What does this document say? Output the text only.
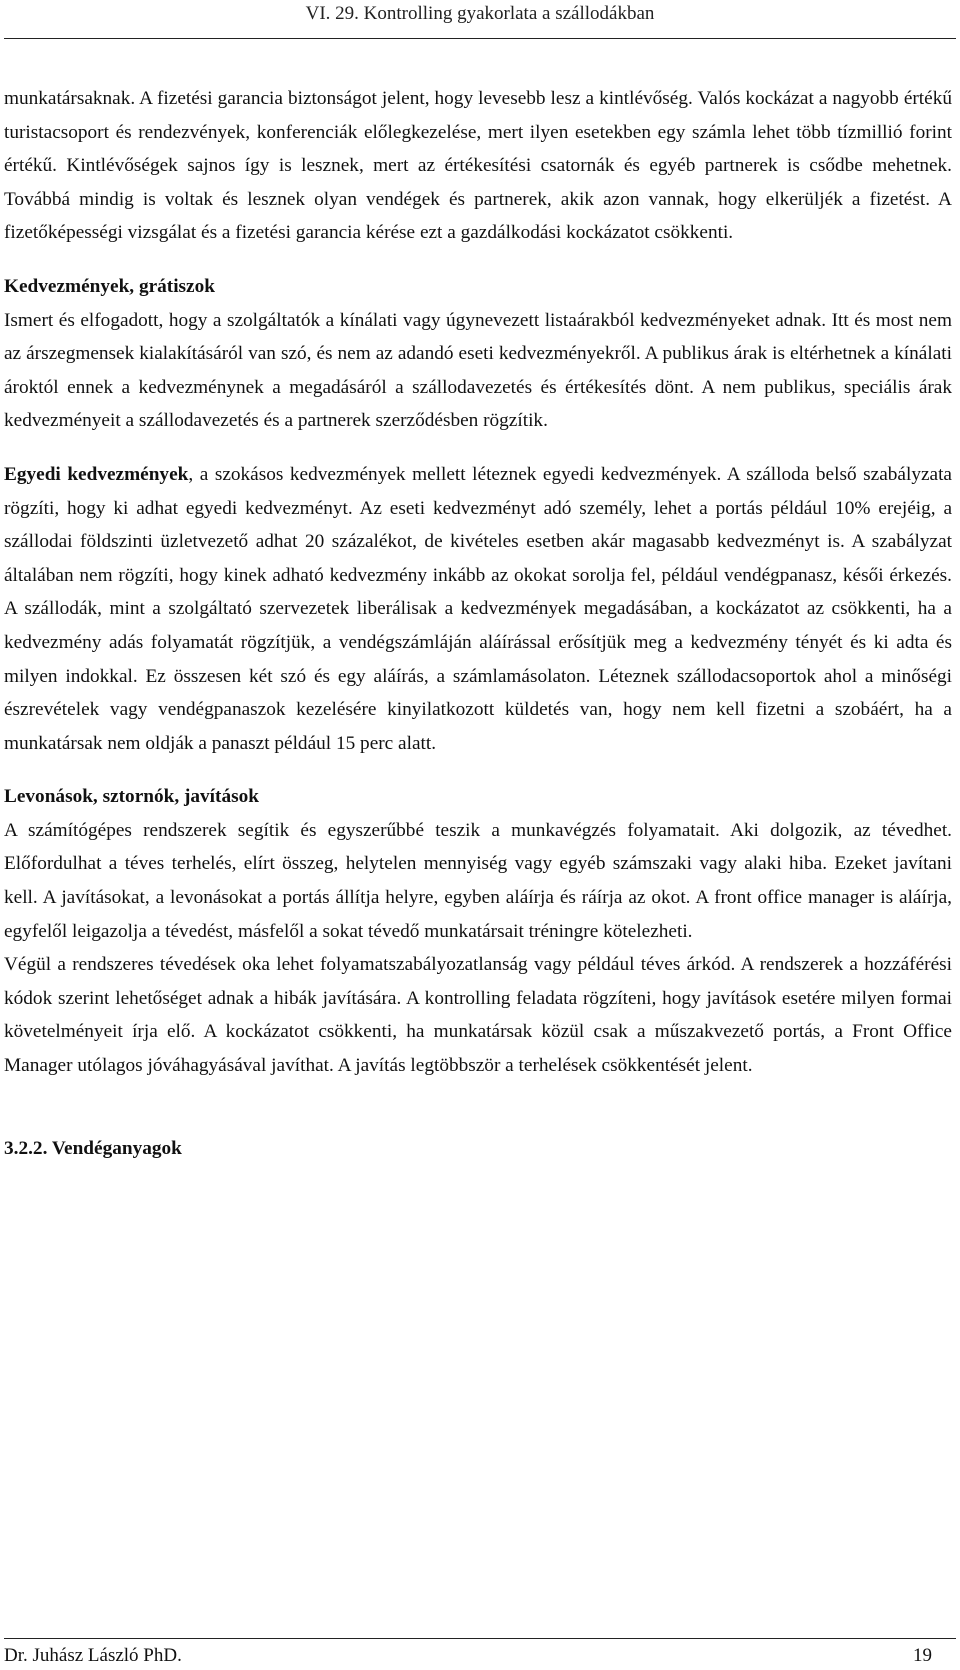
VI. 29. Kontrolling gyakorlata a szállodákban

munkatársaknak. A fizetési garancia biztonságot jelent, hogy levesebb lesz a kintlévőség. Valós kockázat a nagyobb értékű turistacsoport és rendezvények, konferenciák előlegkezelése, mert ilyen esetekben egy számla lehet több tízmillió forint értékű. Kintlévőségek sajnos így is lesznek, mert az értékesítési csatornák és egyéb partnerek is csődbe mehetnek. Továbbá mindig is voltak és lesznek olyan vendégek és partnerek, akik azon vannak, hogy elkerüljék a fizetést. A fizetőképességi vizsgálat és a fizetési garancia kérése ezt a gazdálkodási kockázatot csökkenti.

Kedvezmények, grátiszok

Ismert és elfogadott, hogy a szolgáltatók a kínálati vagy úgynevezett listaárakból kedvezményeket adnak. Itt és most nem az árszegmensek kialakításáról van szó, és nem az adandó eseti kedvezményekről. A publikus árak is eltérhetnek a kínálati ároktól ennek a kedvezménynek a megadásáról a szállodavezetés és értékesítés dönt. A nem publikus, speciális árak kedvezményeit a szállodavezetés és a partnerek szerződésben rögzítik.

Egyedi kedvezmények, a szokásos kedvezmények mellett léteznek egyedi kedvezmények. A szálloda belső szabályzata rögzíti, hogy ki adhat egyedi kedvezményt. Az eseti kedvezményt adó személy, lehet a portás például 10% erejéig, a szállodai földszinti üzletvezető adhat 20 százalékot, de kivételes esetben akár magasabb kedvezményt is. A szabályzat általában nem rögzíti, hogy kinek adható kedvezmény inkább az okokat sorolja fel, például vendégpanasz, késői érkezés. A szállodák, mint a szolgáltató szervezetek liberálisak a kedvezmények megadásában, a kockázatot az csökkenti, ha a kedvezmény adás folyamatát rögzítjük, a vendégszámláján aláírással erősítjük meg a kedvezmény tényét és ki adta és milyen indokkal. Ez összesen két szó és egy aláírás, a számlamásolaton. Léteznek szállodacsoportok ahol a minőségi észrevételek vagy vendégpanaszok kezelésére kinyilatkozott küldetés van, hogy nem kell fizetni a szobáért, ha a munkatársak nem oldják a panaszt például 15 perc alatt.

Levonások, sztornók, javítások

A számítógépes rendszerek segítik és egyszerűbbé teszik a munkavégzés folyamatait. Aki dolgozik, az tévedhet. Előfordulhat a téves terhelés, elírt összeg, helytelen mennyiség vagy egyéb számszaki vagy alaki hiba. Ezeket javítani kell. A javításokat, a levonásokat a portás állítja helyre, egyben aláírja és ráírja az okot. A front office manager is aláírja, egyfelől leigazolja a tévedést, másfelől a sokat tévedő munkatársait tréningre kötelezheti.

Végül a rendszeres tévedések oka lehet folyamatszabályozatlanság vagy például téves árkód. A rendszerek a hozzáférési kódok szerint lehetőséget adnak a hibák javítására. A kontrolling feladata rögzíteni, hogy javítások esetére milyen formai követelményeit írja elő. A kockázatot csökkenti, ha munkatársak közül csak a műszakvezető portás, a Front Office Manager utólagos jóváhagyásával javíthat. A javítás legtöbbször a terhelések csökkentését jelent.

3.2.2. Vendéganyagok

Dr. Juhász László PhD.	19
